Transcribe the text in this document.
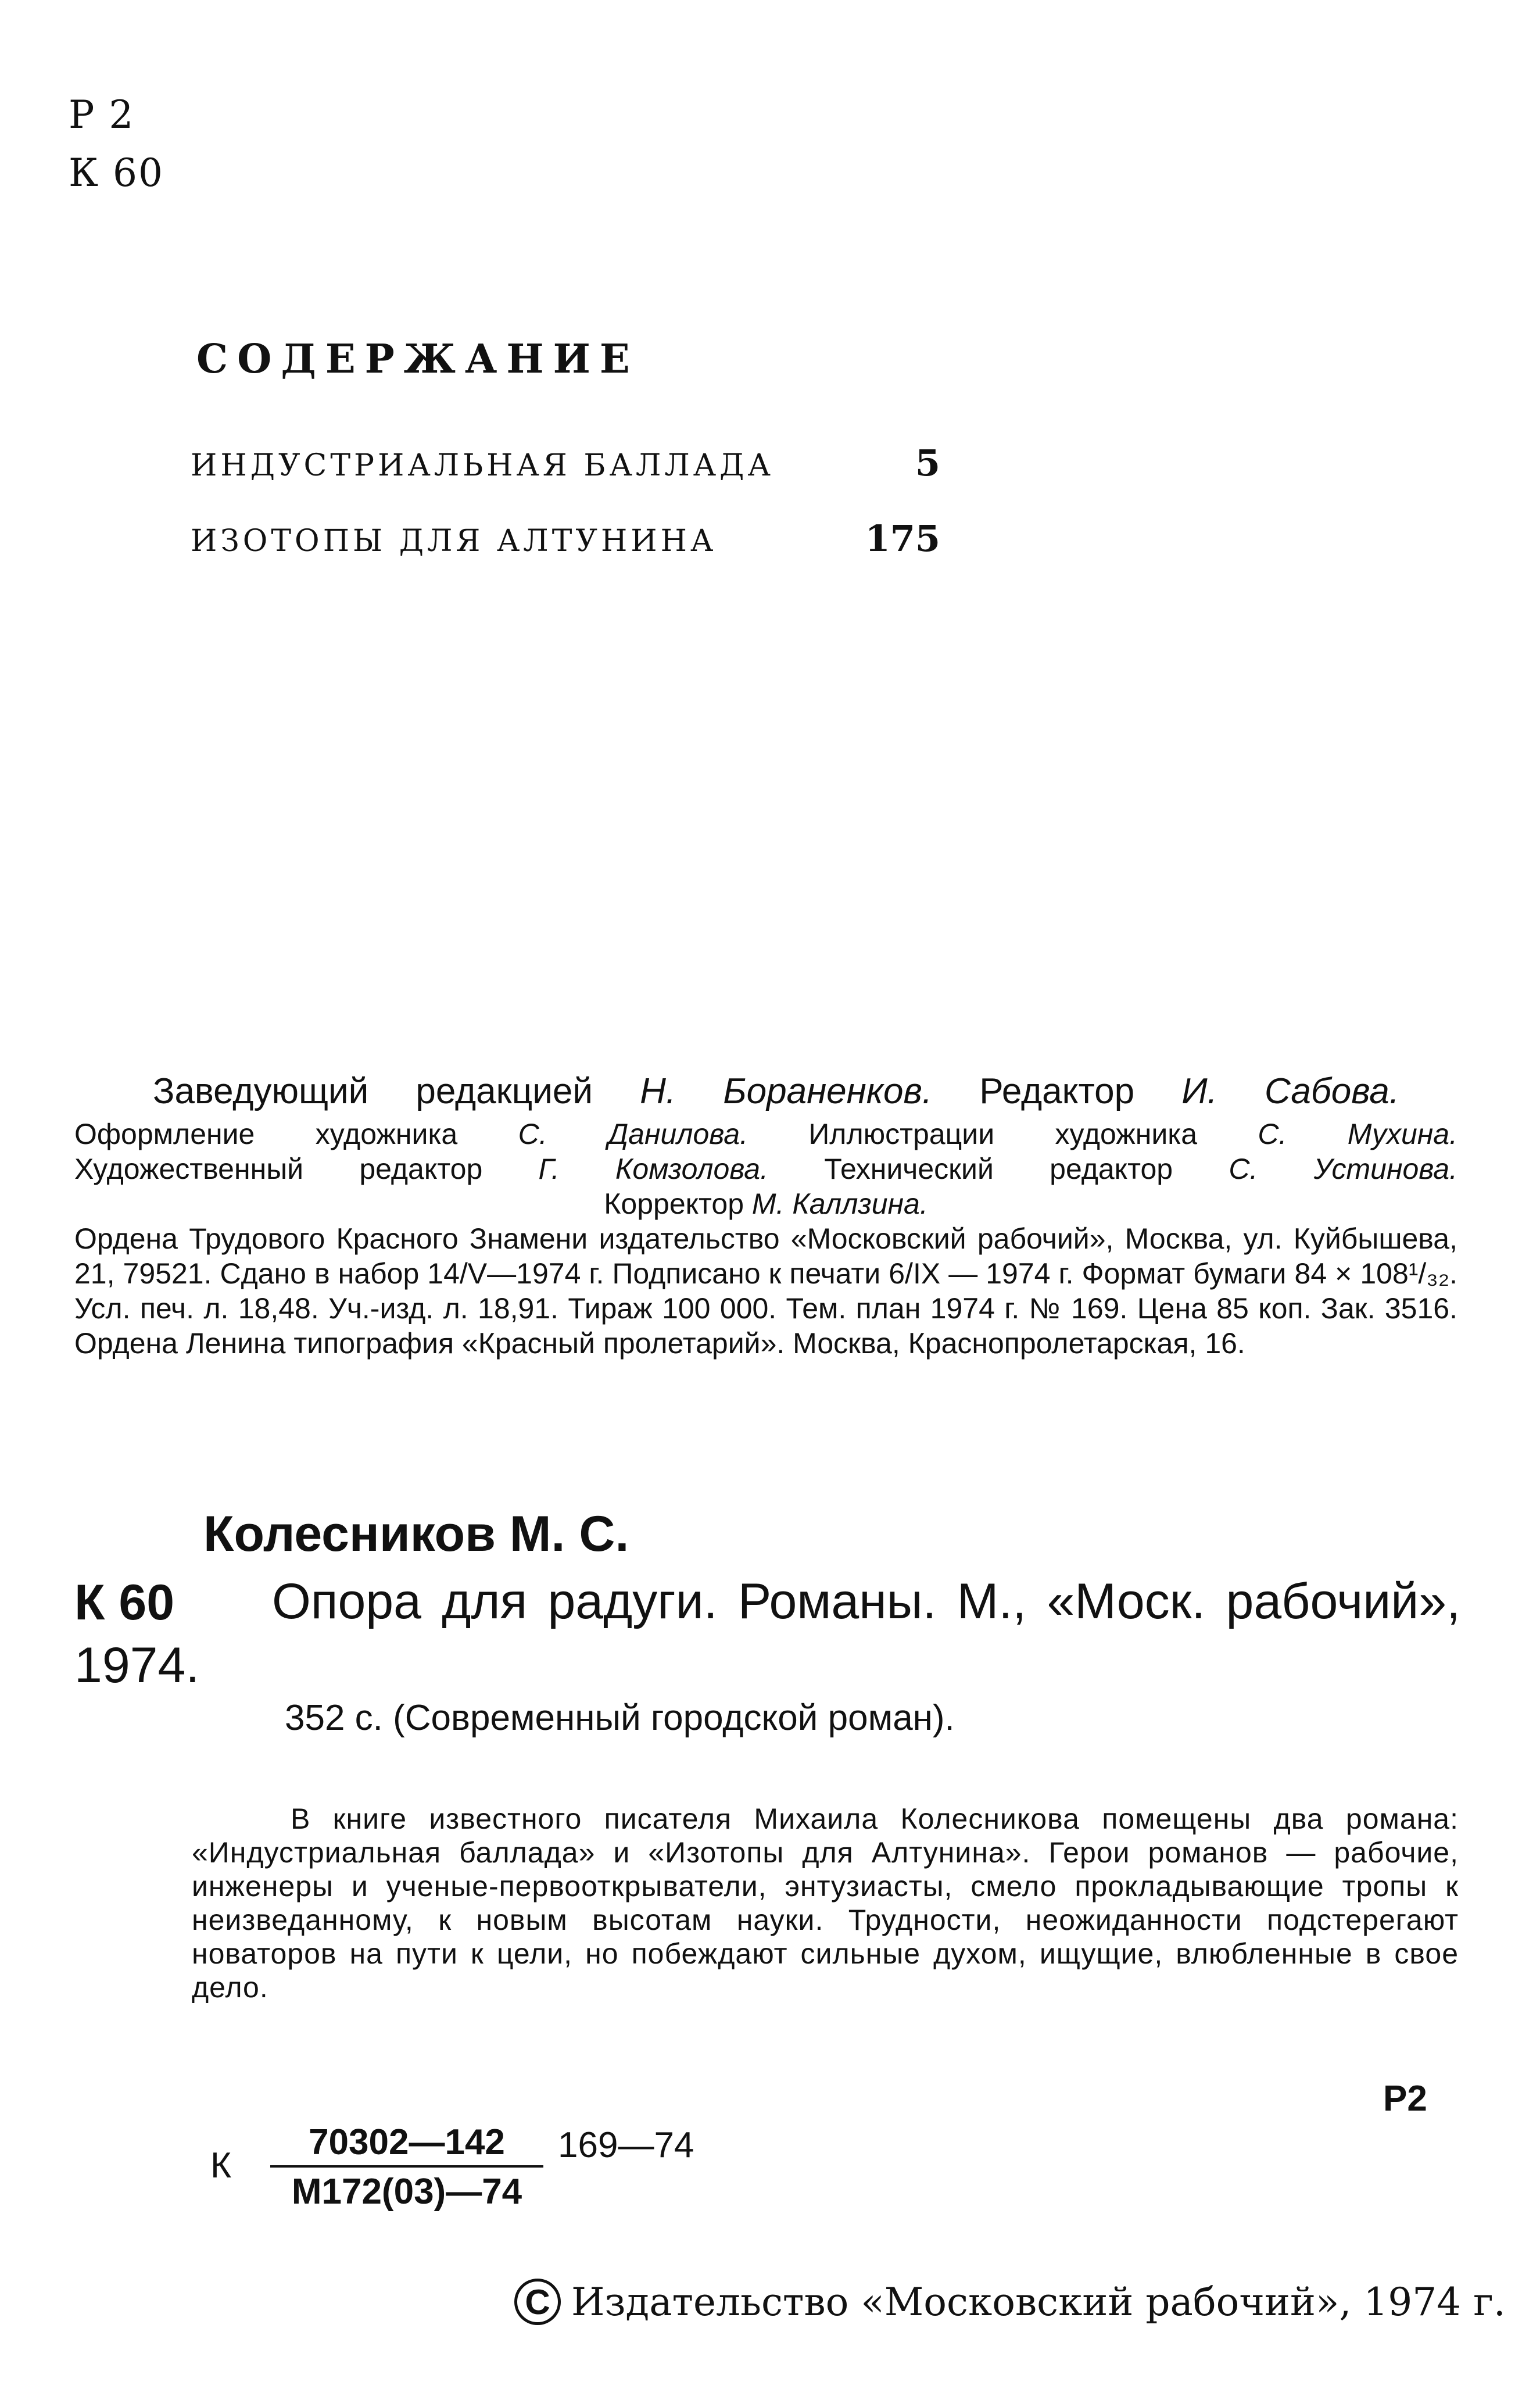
Р 2
К 60
СОДЕРЖАНИЕ
ИНДУСТРИАЛЬНАЯ БАЛЛАДА	5
ИЗОТОПЫ ДЛЯ АЛТУНИНА	175

Заведующий редакцией Н. Бораненков. Редактор И. Сабова.

Оформление художника С. Данилова. Иллюстрации художника С. Мухина.

Художественный редактор Г. Комзолова. Технический редактор С. Устинова.

Корректор М. Каллзина.

Ордена Трудового Красного Знамени издательство «Московский рабочий», Москва, ул. Куйбышева, 21, 79521. Сдано в набор 14/V—1974 г. Подписано к печати 6/IX — 1974 г. Формат бумаги 84 × 108¹/₃₂. Усл. печ. л. 18,48. Уч.-изд. л. 18,91. Тираж 100 000. Тем. план 1974 г. № 169. Цена 85 коп. Зак. 3516. Ордена Ленина типография «Красный пролетарий». Москва, Краснопролетарская, 16.

Колесников М. С.
К 60	Опора для радуги. Романы. М., «Моск. рабочий», 1974.
352 с. (Современный городской роман).
В книге известного писателя Михаила Колесникова помещены два романа: «Индустриальная баллада» и «Изотопы для Алтунина». Герои романов — рабочие, инженеры и ученые-первооткрыватели, энтузиасты, смело прокладывающие тропы к неизведанному, к новым высотам науки. Трудности, неожиданности подстерегают новаторов на пути к цели, но побеждают сильные духом, ищущие, влюбленные в свое дело.
Р2
К
70302—142
М172(03)—74
169—74
C Издательство «Московский рабочий», 1974 г.
